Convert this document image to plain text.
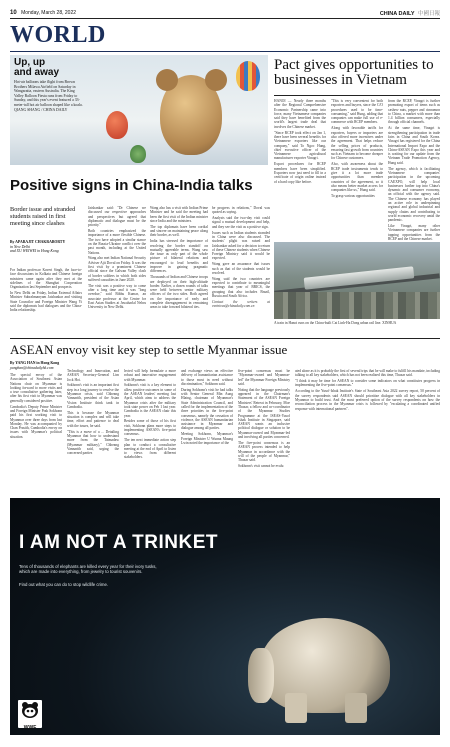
10 Monday, March 28, 2022	CHINA DAILY 中國日報
WORLD
Up, up
and away
Hot-air balloons take flight from Brown Brothers Milawa Airfield on Saturday in Wangaratta, eastern Australia. The King Valley Balloon Fiesta runs from Friday to Sunday, and this year's event featured a 33-meter-tall hot air balloon shaped like a koala. QIANG SHANG / CHINA DAILY
Pact gives opportunities to businesses in Vietnam

HANOI — Nearly three months after the Regional Comprehensive Economic Partnership came into force, many Vietnamese companies said they have benefited from the world's largest trade deal that involves the Chinese market.

"Since RCEP took effect on Jan 1, there have been several benefits for Vietnamese exporters like our company," said To Ngoc Hung, chief executive officer of the Vietnamese agricultural manufacturer exporter Vinagri.

Export procedures for RCEP members have been simplified. Exporters now just need to fill in a certificate of origin online instead of a hard copy like before.

"This is very convenient for both exporters and buyers, since the C/O procedures used to be time-consuming," said Hung, adding that companies can make full use of e-commerce with RCEP members.

Along with favorable tariffs for exporters, buyers or importers are also offered more incentives under the agreement. That helps reduce the selling prices of products, ensuring fast growth from countries such as Vietnam to become cheaper for Chinese customers.

Also, with awareness about the RCEP trade instruments tends to give it a lot more trade opportunities than member countries of the agreement, so it also means better market access for companies like us," Hung said.

To grasp various opportunities

from the RCEP, Vinagri is further promoting export of items such as cashew nuts, pepper and cinnamon to China, a market with more than 1.4 billion consumers, especially through official channels.

At the same time, Vinagri is strengthening participation in trade fairs in China and South Korea. Vinagri has registered for the China International Import Expo and the China-ASEAN Expo this year and is waiting for our update from the Vietnam Trade Promotion Agency, Hung said.

The agency, which is facilitating Vietnamese companies' participation in the upcoming CAEXPO, will help local businesses further tap into China's dynamic and consumer economy, an official with the agency said. The Chinese economy has played an active role in underpinning regional and global industrial and supply chains and contributing to world economic recovery amid the pandemic.

Like Vinagri, many other Vietnamese companies are further tapping opportunities from the RCEP and the Chinese market.

A train in Hanoi runs on the China-built Cat Linh-Ha Dong urban rail line. XINHUA
Positive signs in China-India talks
Border issue and stranded students raised in first meeting since clashes
By APARAJIT CHAKRABORTY
in New Delhi
and XU WEIWEI in Hong Kong

For Indian professor Kaveri Singh, the face-to-face discussions in Kolkata and Chinese foreign ministers came again after they met at the sidelines of the Shanghai Cooperation Organization last September and prospects.

In New Delhi on Friday, Indian External Affairs Minister Subrahmanyam Jaishankar and visiting State Councilor and Foreign Minister Wang Yi said the diplomats had dialogues and the China-India relationship.

Jaishankar said: "Dr Chinese we discussed our respective approaches and perspectives but agreed that diplomatic and dialogue must be the priority."

Both countries emphasized the importance of a more flexible Chinese. The two have adopted a similar stance on the Russia-Ukraine conflict over the past month, including at the United Nations.

Wang also met Indian National Security Adviser Ajit Doval on Friday. It was the first visit by a prominent Chinese official since the Galwan Valley clash of border soldiers in which both sides suffered casualties in June 2020.

The visit was a positive way to come after a long time and it was "long overdue," said Bibhu Kumar, an associate professor at the Centre for East Asian Studies at Jawaharlal Nehru University in New Delhi.

Wang also has a visit with Indian Prime Minister and he said the meeting had been the first visit of the Indian minister since India and the ministers.

The top diplomats have been cordial and sincere on maintaining peace along their border, as well.

India has stressed the importance of resolving the border standoff on mutually agreeable terms. Wang saw the issue as only part of the whole picture of bilateral relations and encouraged to lead benefits and improve in gaining pragmatic differences.

Thousands of Indian and Chinese troops are deployed on their high-altitude border. Earlier, a dozen rounds of talks were held between senior military officers of the two sides. Both agreed on the importance of early and complete disengagement in remaining areas to take forward bilateral ties.

be progress in relations," Doval was quoted as saying.

Analysts said the two-day visit could signal a mutual development and help, and they see the visit as a positive sign.

Issues such as Indian students stranded in China were also discussed. The students' plight was raised and Jaishankar asked for a decision to return of these Chinese students when Chinese Foreign Ministry said it would be expected.

Wang gave an assurance that issues such as that of the students would be resolved.

Wang said the two countries are expected to contribute to meaningful meetings that year of BRICS, the grouping that also includes Brazil, Russia and South Africa.

Contact the writers at vsrinivas@chinadaily.com.cn

ASEAN envoy visit key step to settle Myanmar issue
By YANG HAN in Hong Kong
yanghan@chinadailyhk.com

The special envoy of the Association of Southeast Asian Nations chair on Myanmar is looking forward to more visits and a true consultative gathering later, after his first visit to Myanmar was generally considered positive.

Cambodia's Deputy Prime Minister and Foreign Minister Prak Sokhonn paid his first working visit to Myanmar over three days from last Monday. He was accompanied by Chan Prasith, Cambodia's envoy on issues with Myanmar's political situation.

Technology and Innovation, and ASEAN Secretary-General Lim Jock Hoi.

Sokhonn's visit is an important first step in a long journey to resolve the Myanmar crisis, said Chheang Vannarith, president of the Asian Vision Institute think tank in Cambodia.

This is because the Myanmar situation is complex and will take time, effort and patience to deal with the issues, he said.

"This is a move of a ... Detailing Myanmar that how to understand more from the Tatmadaw (Myanmar military)," Chheang Vannarith said, urging the concerned parties

lected will help formulate a more robust and innovative engagement with Myanmar.

Sokhonn's visit is a key element to allow positive outcomes in some of the ASEAN leaders' meeting last April, which aims to address the Myanmar crisis after the military took state power on Feb 1 last year. Cambodia is the ASEAN chair this year.

Besides some of those of his first visit, Sokhonn plans more steps to implementing ASEAN's five-point consensus.

The ten next immediate action step plan to conduct a consultative meeting at the end of April to listen to views from different stakeholders.

and exchange views on effective delivery of humanitarian assistance to those most in need without discrimination," Sokhonn said.

During Sokhonn's visit he had talks with Senior General Min Aung Hlaing, chairman of Myanmar's State Administration Council, and called for the implementation of the three priorities in the five-point consensus, namely the cessation of violence, the ASEAN humanitarian assistance in Myanmar and dialogue among all parties.

Meeting Sokhonn, Myanmar's Foreign Minister U Wunna Maung Lwin noted the importance of the

five-point consensus must be "Myanmar-owned and Myanmar-led" the Myanmar Foreign Ministry said.

Noting that the language previously appeared in the Chairman's Statement of the ASEAN Foreign Ministers' Retreat in February, Moe Thuzar, a fellow and co-coordinator of the Myanmar Studies Programme at the ISEAS-Yusof Ishak Institute in Singapore, said ASEAN wants an inclusive political dialogue or solution to be Myanmar-owned and Myanmar-led and involving all parties concerned.

The five-point consensus is an ASEAN process intended to help Myanmar in accordance with the will of the people of Myanmar," Thuzar said.

Sokhonn's visit cannot be evalu

ated alone as it is probably the first of several trips that he will make to fulfill his mandate, including talking to all key stakeholders, which has not been realized this time, Thuzar said.

"I think it may be time for ASEAN to consider some indicators on what constitutes progress in implementing the five-point consensus."

According to the Yusof-Ishak Institute's State of Southeast Asia 2022 survey report, 50 percent of the survey respondents said ASEAN should prioritize dialogue with all key stakeholders in Myanmar to build trust. And the most preferred option of the survey respondents on how the reconciliation process in the Myanmar crisis is followed by "escalating a coordinated unified response with international partners".

I AM NOT A TRINKET
Tens of thousands of elephants are killed every year for their ivory tusks,
which are made into everything, from jewelry to tourist souvenirs.
Find out what you can do to stop wildlife crime.
WWF
